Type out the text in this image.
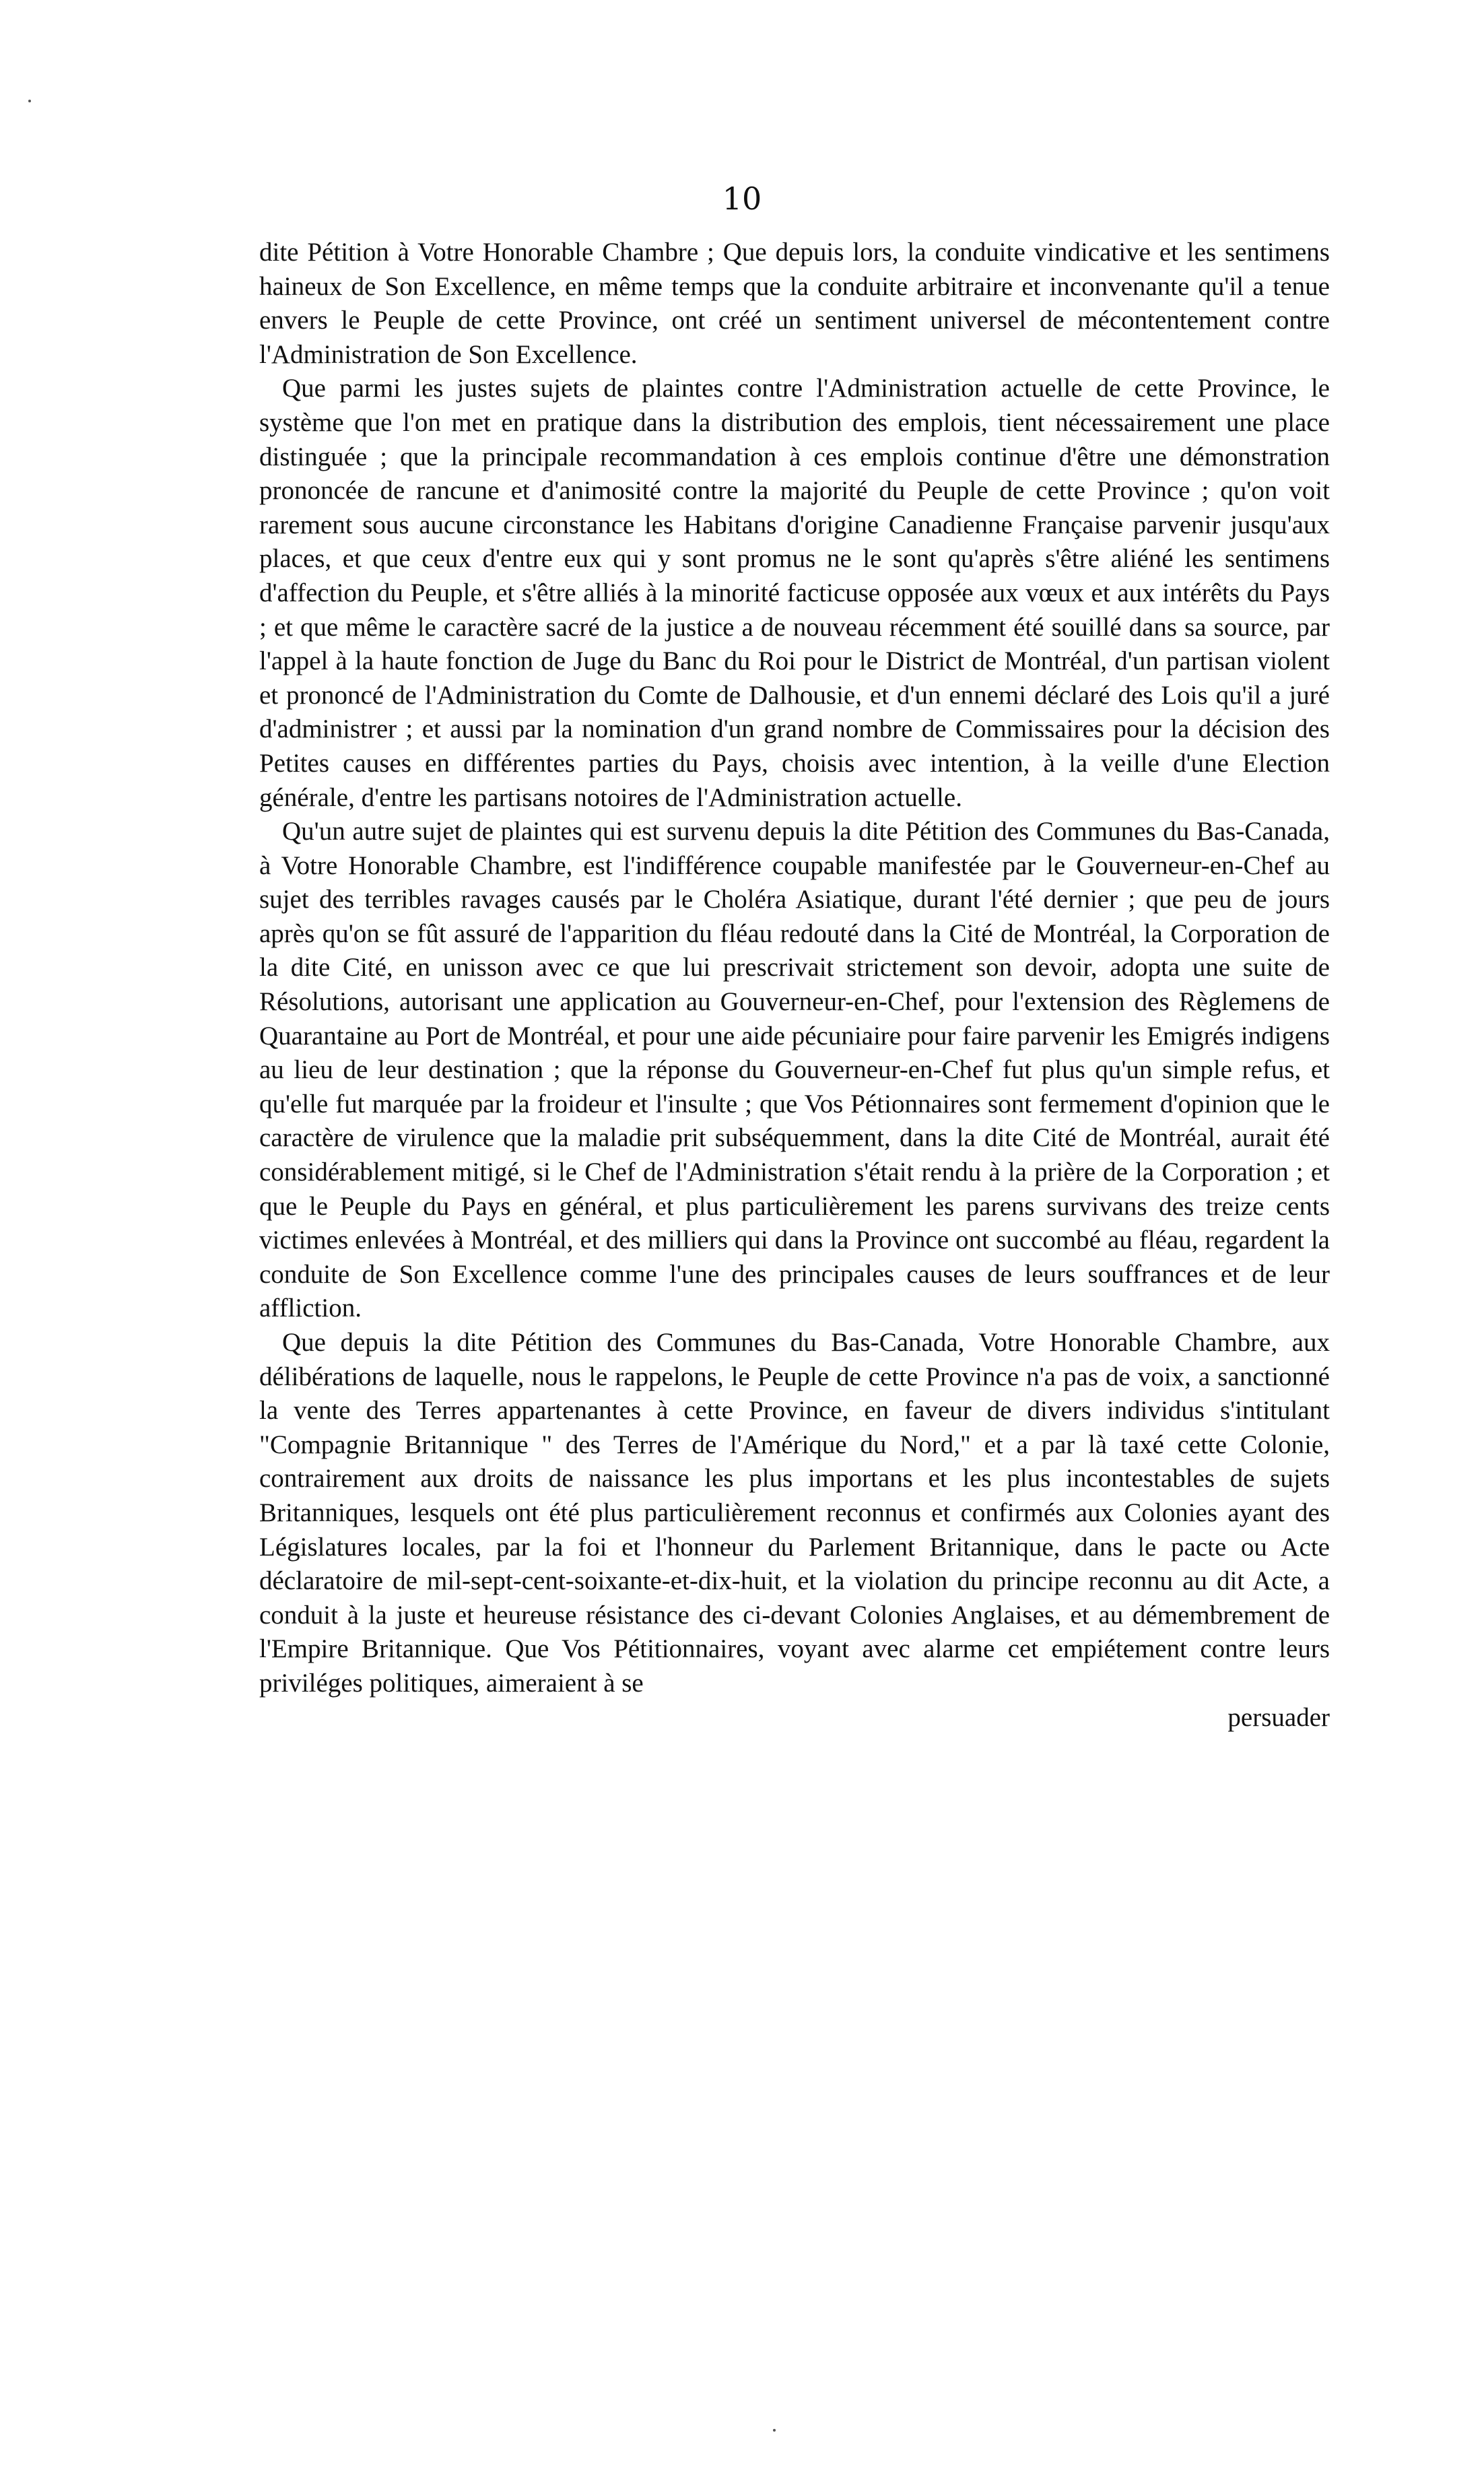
10

dite Pétition à Votre Honorable Chambre ; Que depuis lors, la conduite vindicative et les sentimens haineux de Son Excellence, en même temps que la conduite arbitraire et inconvenante qu'il a tenue envers le Peuple de cette Province, ont créé un sentiment universel de mécontentement contre l'Administration de Son Excellence.

Que parmi les justes sujets de plaintes contre l'Administration actuelle de cette Province, le système que l'on met en pratique dans la distribution des emplois, tient nécessairement une place distinguée ; que la principale recommandation à ces emplois continue d'être une démonstration prononcée de rancune et d'animosité contre la majorité du Peuple de cette Province ; qu'on voit rarement sous aucune circonstance les Habitans d'origine Canadienne Française parvenir jusqu'aux places, et que ceux d'entre eux qui y sont promus ne le sont qu'après s'être aliéné les sentimens d'affection du Peuple, et s'être alliés à la minorité facticuse opposée aux vœux et aux intérêts du Pays ; et que même le caractère sacré de la justice a de nouveau récemment été souillé dans sa source, par l'appel à la haute fonction de Juge du Banc du Roi pour le District de Montréal, d'un partisan violent et prononcé de l'Administration du Comte de Dalhousie, et d'un ennemi déclaré des Lois qu'il a juré d'administrer ; et aussi par la nomination d'un grand nombre de Commissaires pour la décision des Petites causes en différentes parties du Pays, choisis avec intention, à la veille d'une Election générale, d'entre les partisans notoires de l'Administration actuelle.

Qu'un autre sujet de plaintes qui est survenu depuis la dite Pétition des Communes du Bas-Canada, à Votre Honorable Chambre, est l'indifférence coupable manifestée par le Gouverneur-en-Chef au sujet des terribles ravages causés par le Choléra Asiatique, durant l'été dernier ; que peu de jours après qu'on se fût assuré de l'apparition du fléau redouté dans la Cité de Montréal, la Corporation de la dite Cité, en unisson avec ce que lui prescrivait strictement son devoir, adopta une suite de Résolutions, autorisant une application au Gouverneur-en-Chef, pour l'extension des Règlemens de Quarantaine au Port de Montréal, et pour une aide pécuniaire pour faire parvenir les Emigrés indigens au lieu de leur destination ; que la réponse du Gouverneur-en-Chef fut plus qu'un simple refus, et qu'elle fut marquée par la froideur et l'insulte ; que Vos Pétionnaires sont fermement d'opinion que le caractère de virulence que la maladie prit subséquemment, dans la dite Cité de Montréal, aurait été considérablement mitigé, si le Chef de l'Administration s'était rendu à la prière de la Corporation ; et que le Peuple du Pays en général, et plus particulièrement les parens survivans des treize cents victimes enlevées à Montréal, et des milliers qui dans la Province ont succombé au fléau, regardent la conduite de Son Excellence comme l'une des principales causes de leurs souffrances et de leur affliction.

Que depuis la dite Pétition des Communes du Bas-Canada, Votre Honorable Chambre, aux délibérations de laquelle, nous le rappelons, le Peuple de cette Province n'a pas de voix, a sanctionné la vente des Terres appartenantes à cette Province, en faveur de divers individus s'intitulant "Compagnie Britannique " des Terres de l'Amérique du Nord," et a par là taxé cette Colonie, contrairement aux droits de naissance les plus importans et les plus incontestables de sujets Britanniques, lesquels ont été plus particulièrement reconnus et confirmés aux Colonies ayant des Législatures locales, par la foi et l'honneur du Parlement Britannique, dans le pacte ou Acte déclaratoire de mil-sept-cent-soixante-et-dix-huit, et la violation du principe reconnu au dit Acte, a conduit à la juste et heureuse résistance des ci-devant Colonies Anglaises, et au démembrement de l'Empire Britannique. Que Vos Pétitionnaires, voyant avec alarme cet empiétement contre leurs priviléges politiques, aimeraient à se

persuader
